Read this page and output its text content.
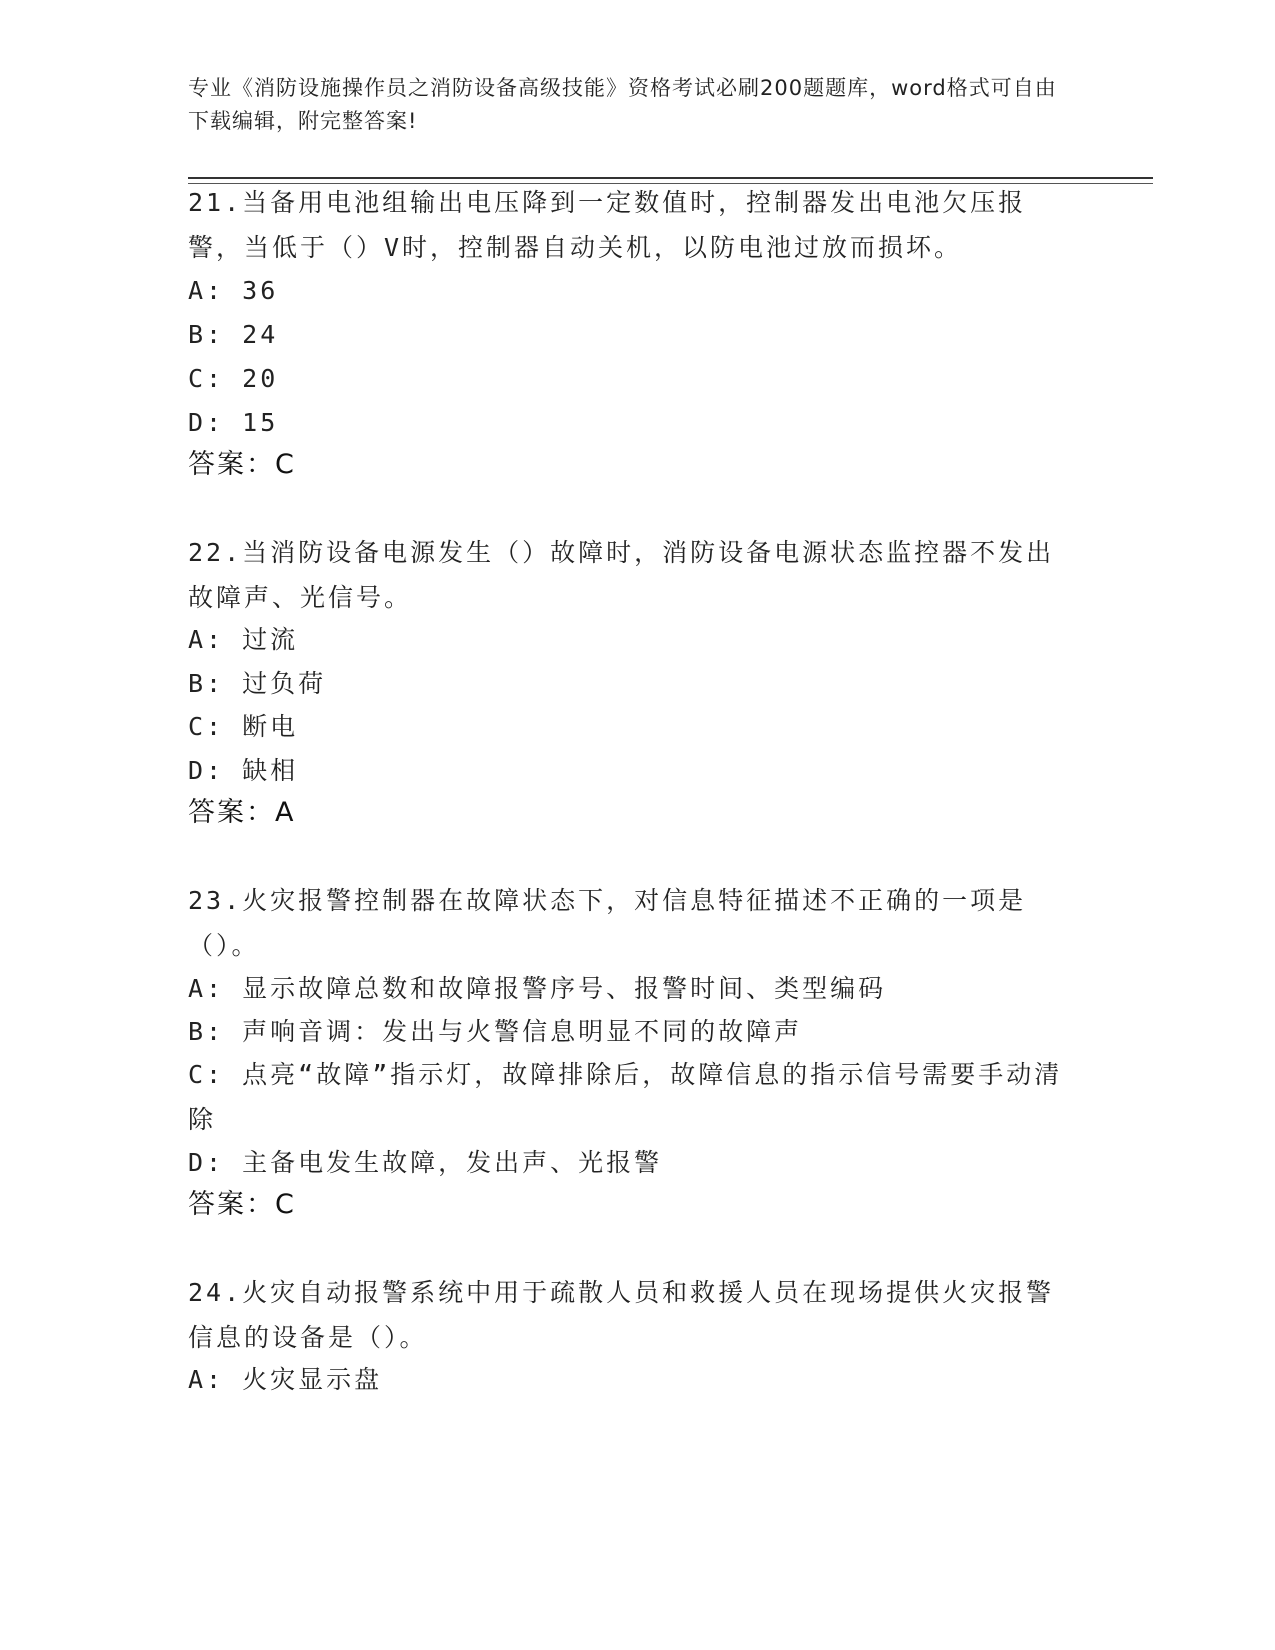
专业《消防设施操作员之消防设备高级技能》资格考试必刷200题题库，word格式可自由下载编辑，附完整答案!
21.当备用电池组输出电压降到一定数值时，控制器发出电池欠压报警，当低于（）V时，控制器自动关机，以防电池过放而损坏。
A: 36
B: 24
C: 20
D: 15
答案：C
22.当消防设备电源发生（）故障时，消防设备电源状态监控器不发出故障声、光信号。
A: 过流
B: 过负荷
C: 断电
D: 缺相
答案：A
23.火灾报警控制器在故障状态下，对信息特征描述不正确的一项是（）。
A: 显示故障总数和故障报警序号、报警时间、类型编码
B: 声响音调：发出与火警信息明显不同的故障声
C: 点亮“故障”指示灯，故障排除后，故障信息的指示信号需要手动清除
D: 主备电发生故障，发出声、光报警
答案：C
24.火灾自动报警系统中用于疏散人员和救援人员在现场提供火灾报警信息的设备是（）。
A: 火灾显示盘
